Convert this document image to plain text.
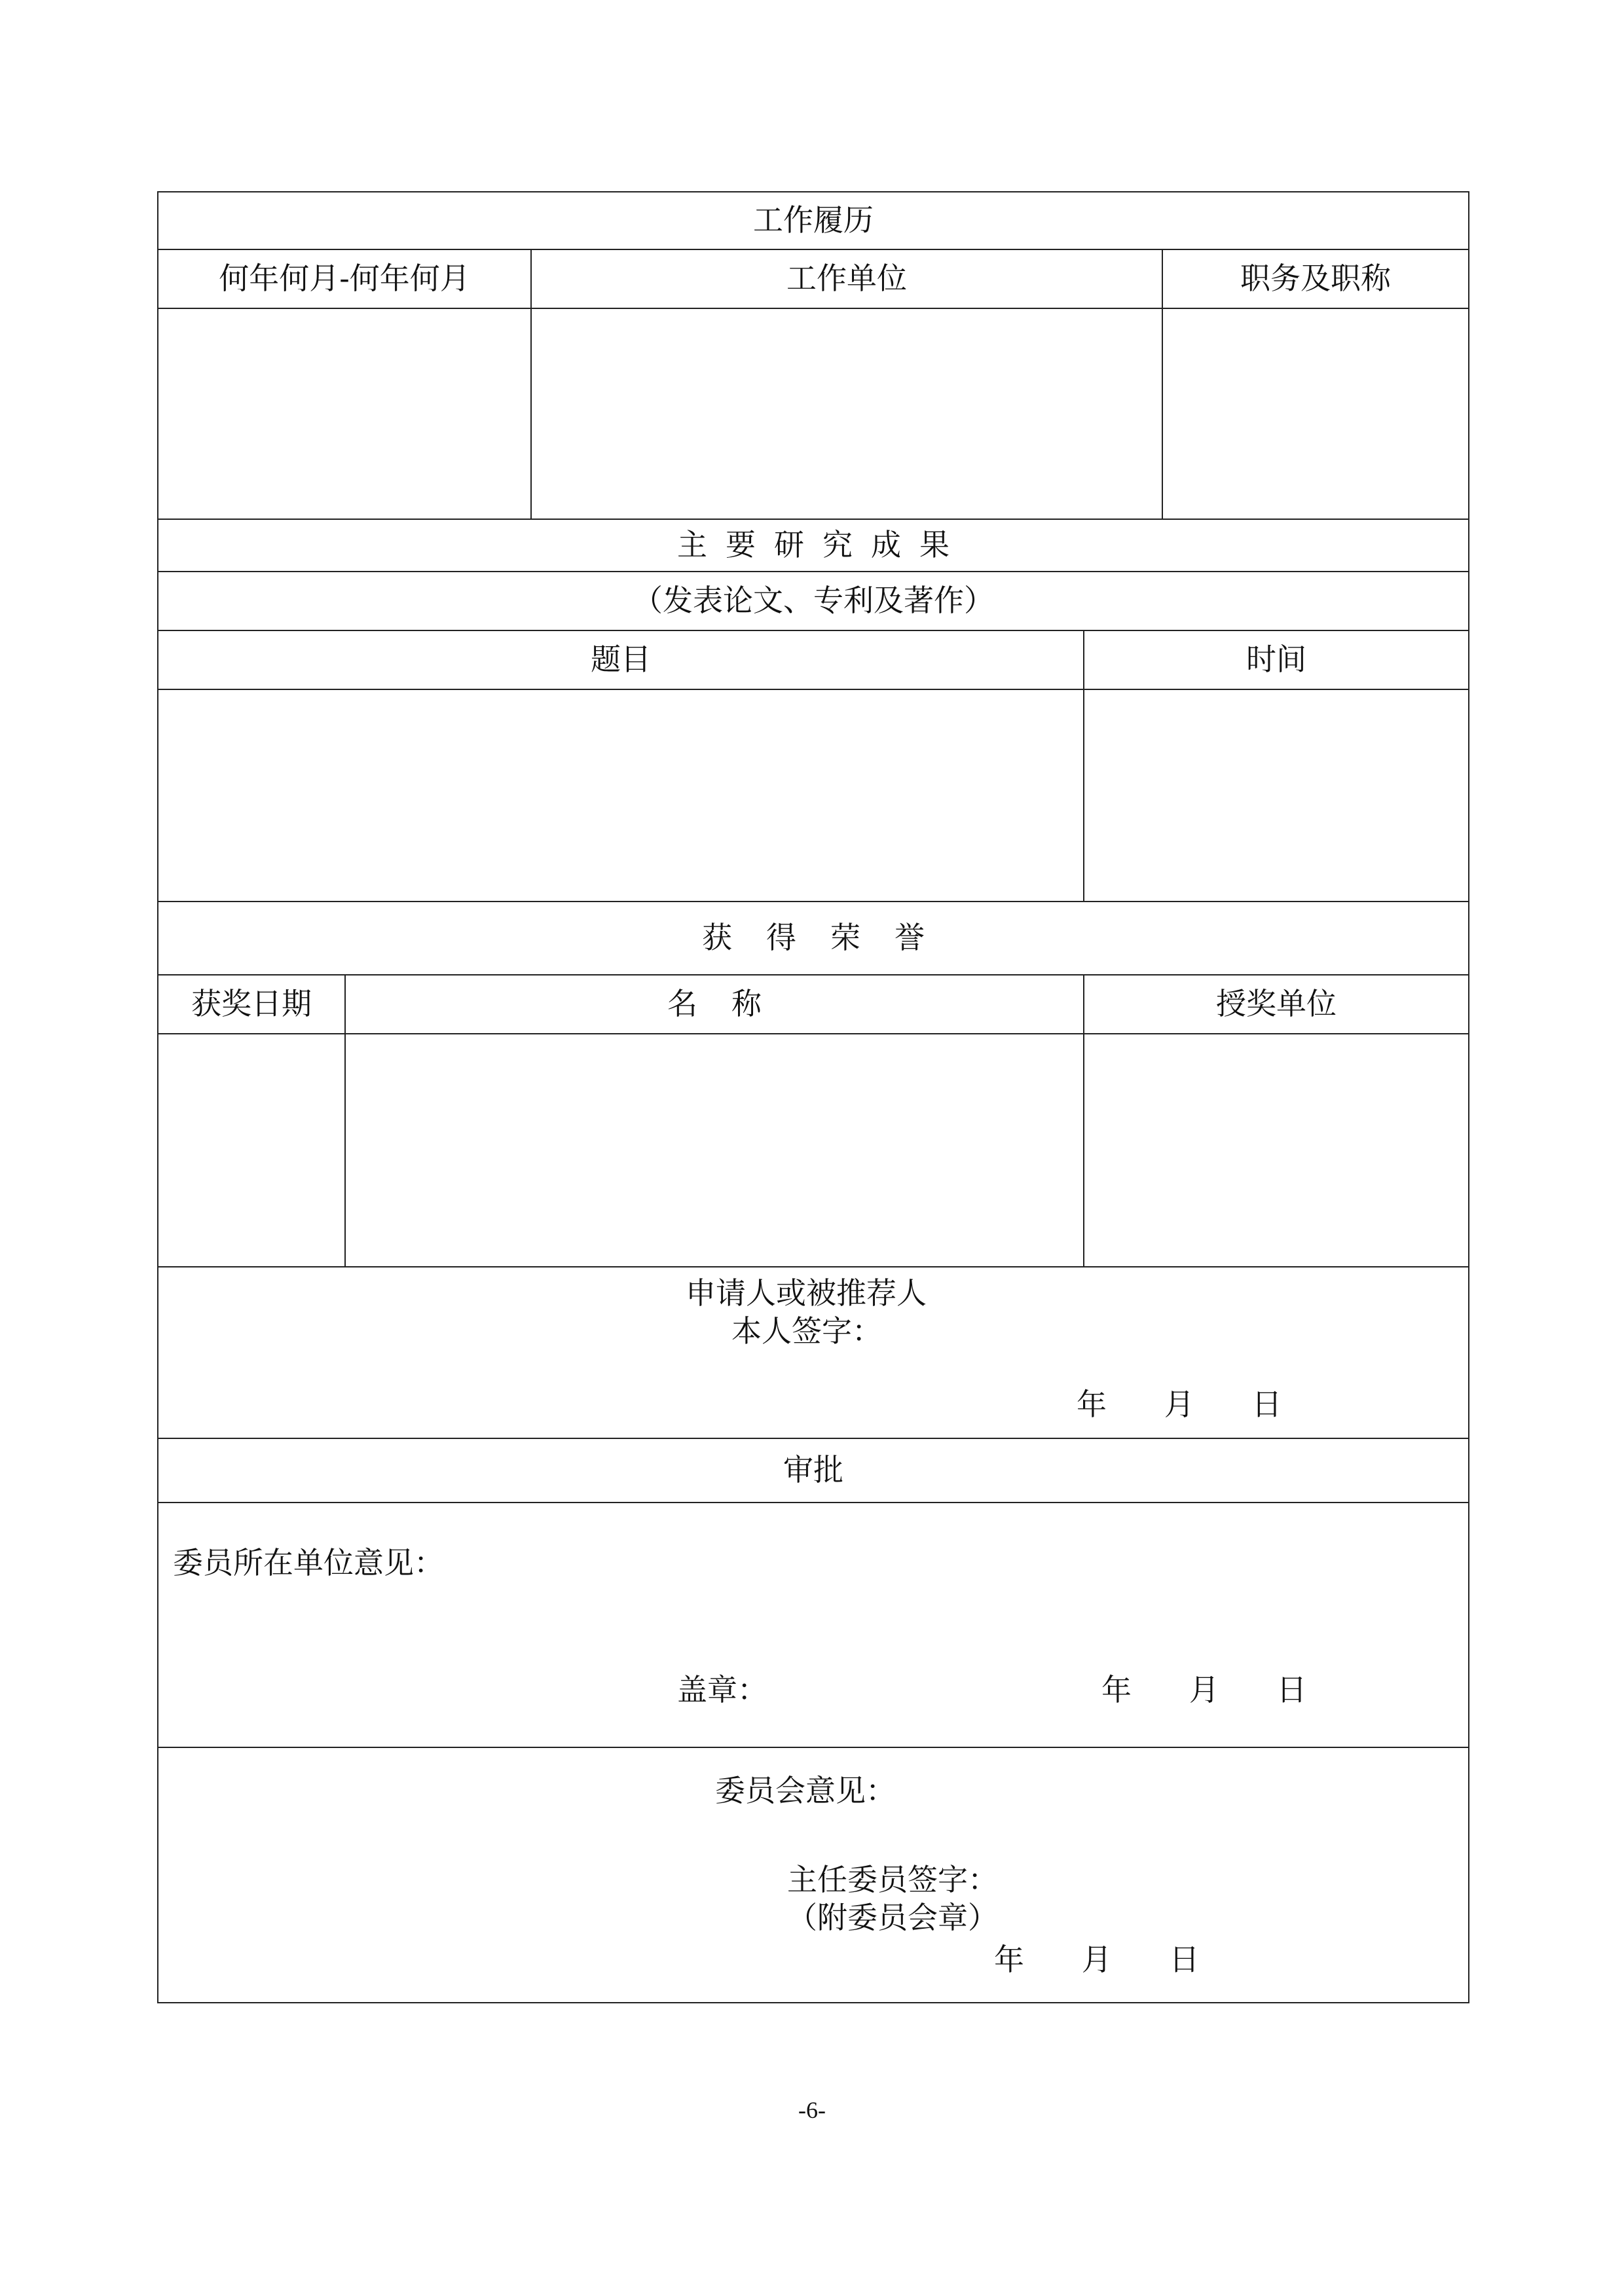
工作履历
何年何月-何年何月	工作单位	职务及职称
主要研究成果
（发表论文、专利及著作）
题目	时间
获得荣誉
获奖日期	名称	授奖单位
申请人或被推荐人
本人签字：
年      月      日
审批
委员所在单位意见：
盖章：	年      月      日
委员会意见：
主任委员签字：
（附委员会章）
年      月      日
-6-
